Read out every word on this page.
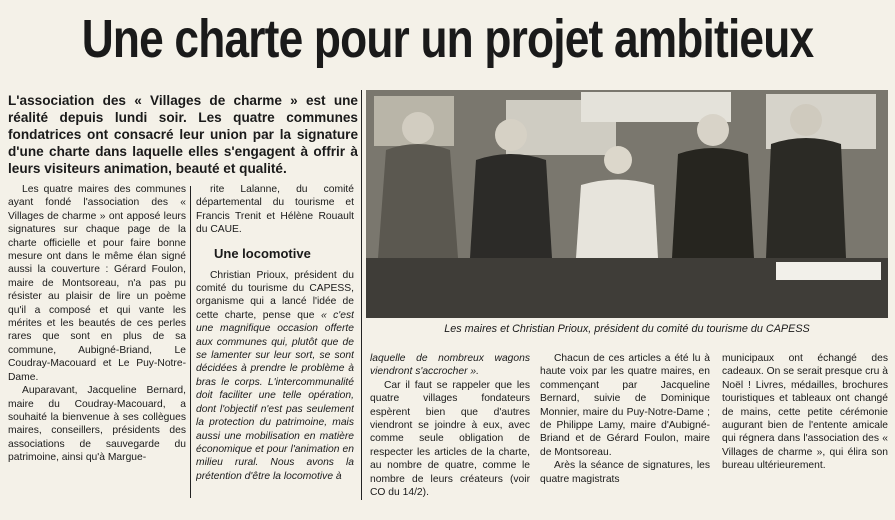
Une charte pour un projet ambitieux
L'association des « Villages de charme » est une réalité depuis lundi soir. Les quatre communes fondatrices ont consacré leur union par la signature d'une charte dans laquelle elles s'engagent à offrir à leurs visiteurs animation, beauté et qualité.
Les maires et Christian Prioux, président du comité du tourisme du CAPESS

Les quatre maires des communes ayant fondé l'association des « Villages de charme » ont apposé leurs signatures sur chaque page de la charte officielle et pour faire bonne mesure ont dans le même élan signé aussi la couverture : Gérard Foulon, maire de Montsoreau, n'a pas pu résister au plaisir de lire un poème qu'il a composé et qui vante les mérites et les beautés de ces perles rares que sont en plus de sa commune, Aubigné-Briand, Le Coudray-Macouard et Le Puy-Notre-Dame.

Auparavant, Jacqueline Bernard, maire du Coudray-Macouard, a souhaité la bienvenue à ses collègues maires, conseillers, présidents des associations de sauvegarde du patrimoine, ainsi qu'à Margue-

rite Lalanne, du comité départemental du tourisme et Francis Trenit et Hélène Rouault du CAUE.

Une locomotive

Christian Prioux, président du comité du tourisme du CAPESS, organisme qui a lancé l'idée de cette charte, pense que « c'est une magnifique occasion offerte aux communes qui, plutôt que de se lamenter sur leur sort, se sont décidées à prendre le problème à bras le corps. L'intercommunalité doit faciliter une telle opération, dont l'objectif n'est pas seulement la protection du patrimoine, mais aussi une mobilisation en matière économique et pour l'animation en milieu rural. Nous avons la prétention d'être la locomotive à

laquelle de nombreux wagons viendront s'accrocher ».

Car il faut se rappeler que les quatre villages fondateurs espèrent bien que d'autres viendront se joindre à eux, avec comme seule obligation de respecter les articles de la charte, au nombre de quatre, comme le nombre de leurs créateurs (voir CO du 14/2).

Chacun de ces articles a été lu à haute voix par les quatre maires, en commençant par Jacqueline Bernard, suivie de Dominique Monnier, maire du Puy-Notre-Dame ; de Philippe Lamy, maire d'Aubigné-Briand et de Gérard Foulon, maire de Montsoreau.

Arès la séance de signatures, les quatre magistrats

municipaux ont échangé des cadeaux. On se serait presque cru à Noël ! Livres, médailles, brochures touristiques et tableaux ont changé de mains, cette petite cérémonie augurant bien de l'entente amicale qui régnera dans l'association des « Villages de charme », qui élira son bureau ultérieurement.
